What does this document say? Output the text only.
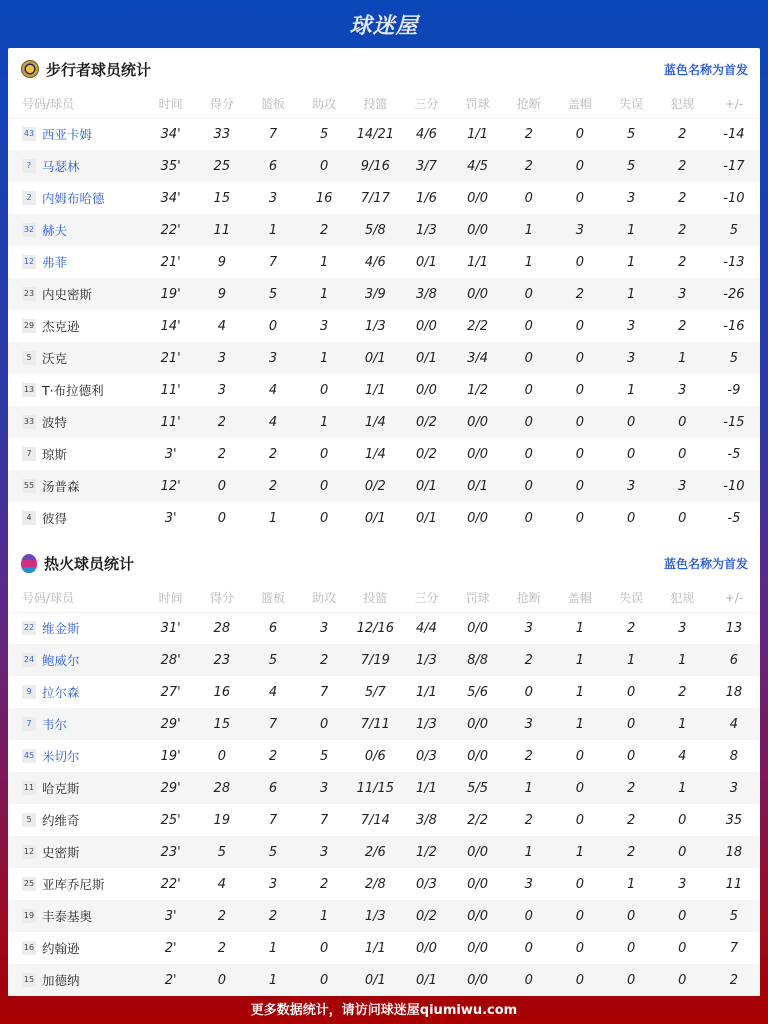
球迷屋
步行者球员统计	蓝色名称为首发
号码/球员	时间	得分	篮板	助攻	投篮	三分	罚球	抢断	盖帽	失误	犯规	+/-
43 西亚卡姆	34'	33	7	5	14/21	4/6	1/1	2	0	5	2	-14
? 马瑟林	35'	25	6	0	9/16	3/7	4/5	2	0	5	2	-17
2 内姆布哈德	34'	15	3	16	7/17	1/6	0/0	0	0	3	2	-10
32 赫夫	22'	11	1	2	5/8	1/3	0/0	1	3	1	2	5
12 弗菲	21'	9	7	1	4/6	0/1	1/1	1	0	1	2	-13
23 内史密斯	19'	9	5	1	3/9	3/8	0/0	0	2	1	3	-26
29 杰克逊	14'	4	0	3	1/3	0/0	2/2	0	0	3	2	-16
5 沃克	21'	3	3	1	0/1	0/1	3/4	0	0	3	1	5
13 T·布拉德利	11'	3	4	0	1/1	0/0	1/2	0	0	1	3	-9
33 波特	11'	2	4	1	1/4	0/2	0/0	0	0	0	0	-15
7 琼斯	3'	2	2	0	1/4	0/2	0/0	0	0	0	0	-5
55 汤普森	12'	0	2	0	0/2	0/1	0/1	0	0	3	3	-10
4 彼得	3'	0	1	0	0/1	0/1	0/0	0	0	0	0	-5
热火球员统计	蓝色名称为首发
号码/球员	时间	得分	篮板	助攻	投篮	三分	罚球	抢断	盖帽	失误	犯规	+/-
22 维金斯	31'	28	6	3	12/16	4/4	0/0	3	1	2	3	13
24 鲍威尔	28'	23	5	2	7/19	1/3	8/8	2	1	1	1	6
9 拉尔森	27'	16	4	7	5/7	1/1	5/6	0	1	0	2	18
7 韦尔	29'	15	7	0	7/11	1/3	0/0	3	1	0	1	4
45 米切尔	19'	0	2	5	0/6	0/3	0/0	2	0	0	4	8
11 哈克斯	29'	28	6	3	11/15	1/1	5/5	1	0	2	1	3
5 约维奇	25'	19	7	7	7/14	3/8	2/2	2	0	2	0	35
12 史密斯	23'	5	5	3	2/6	1/2	0/0	1	1	2	0	18
25 亚库乔尼斯	22'	4	3	2	2/8	0/3	0/0	3	0	1	3	11
19 丰泰基奥	3'	2	2	1	1/3	0/2	0/0	0	0	0	0	5
16 约翰逊	2'	2	1	0	1/1	0/0	0/0	0	0	0	0	7
15 加德纳	2'	0	1	0	0/1	0/1	0/0	0	0	0	0	2
更多数据统计，请访问球迷屋qiumiwu.com
